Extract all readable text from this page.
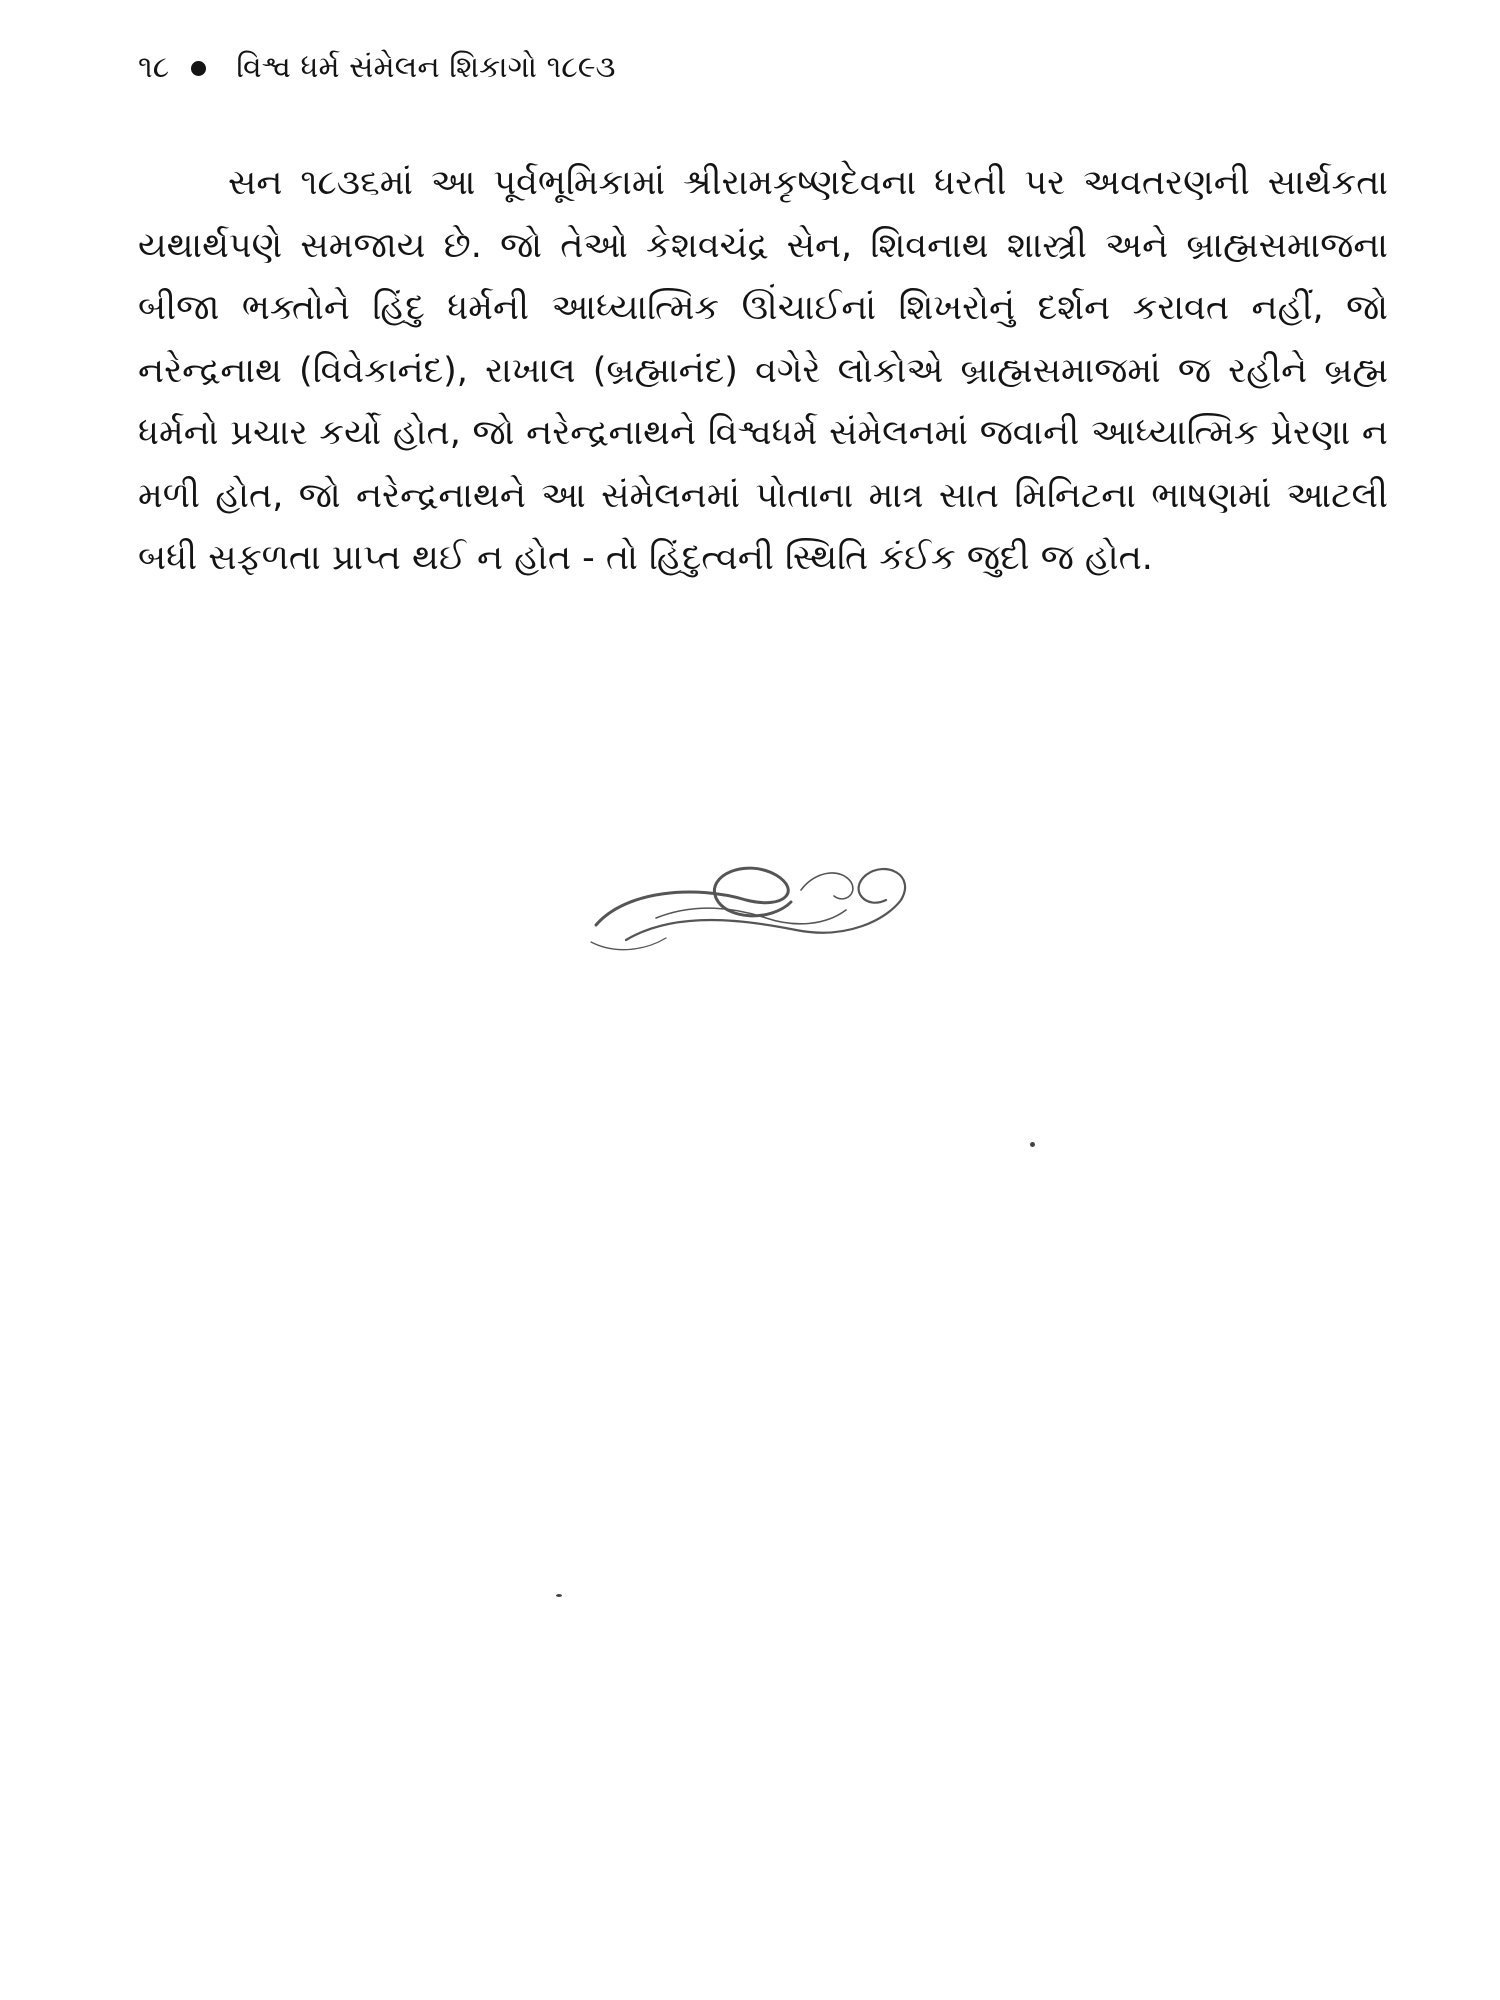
૧૮ વિશ્વ ધર્મ સંમેલન શિકાગો ૧૮૯૩

સન ૧૮૩૬માં આ પૂર્વભૂમિકામાં શ્રીરામકૃષ્ણદેવના ધરતી પર અવતરણની સાર્થકતા યથાર્થપણે સમજાય છે. જો તેઓ કેશવચંદ્ર સેન, શિવનાથ શાસ્ત્રી અને બ્રાહ્મસમાજના બીજા ભક્તોને હિંદુ ધર્મની આધ્યાત્મિક ઊંચાઈનાં શિખરોનું દર્શન કરાવત નહીં, જો નરેન્દ્રનાથ (વિવેકાનંદ), રાખાલ (બ્રહ્માનંદ) વગેરે લોકોએ બ્રાહ્મસમાજમાં જ રહીને બ્રહ્મ ધર્મનો પ્રચાર કર્યો હોત, જો નરેન્દ્રનાથને વિશ્વધર્મ સંમેલનમાં જવાની આધ્યાત્મિક પ્રેરણા ન મળી હોત, જો નરેન્દ્રનાથને આ સંમેલનમાં પોતાના માત્ર સાત મિનિટના ભાષણમાં આટલી બધી સફળતા પ્રાપ્ત થઈ ન હોત - તો હિંદુત્વની સ્થિતિ કંઈક જુદી જ હોત.
